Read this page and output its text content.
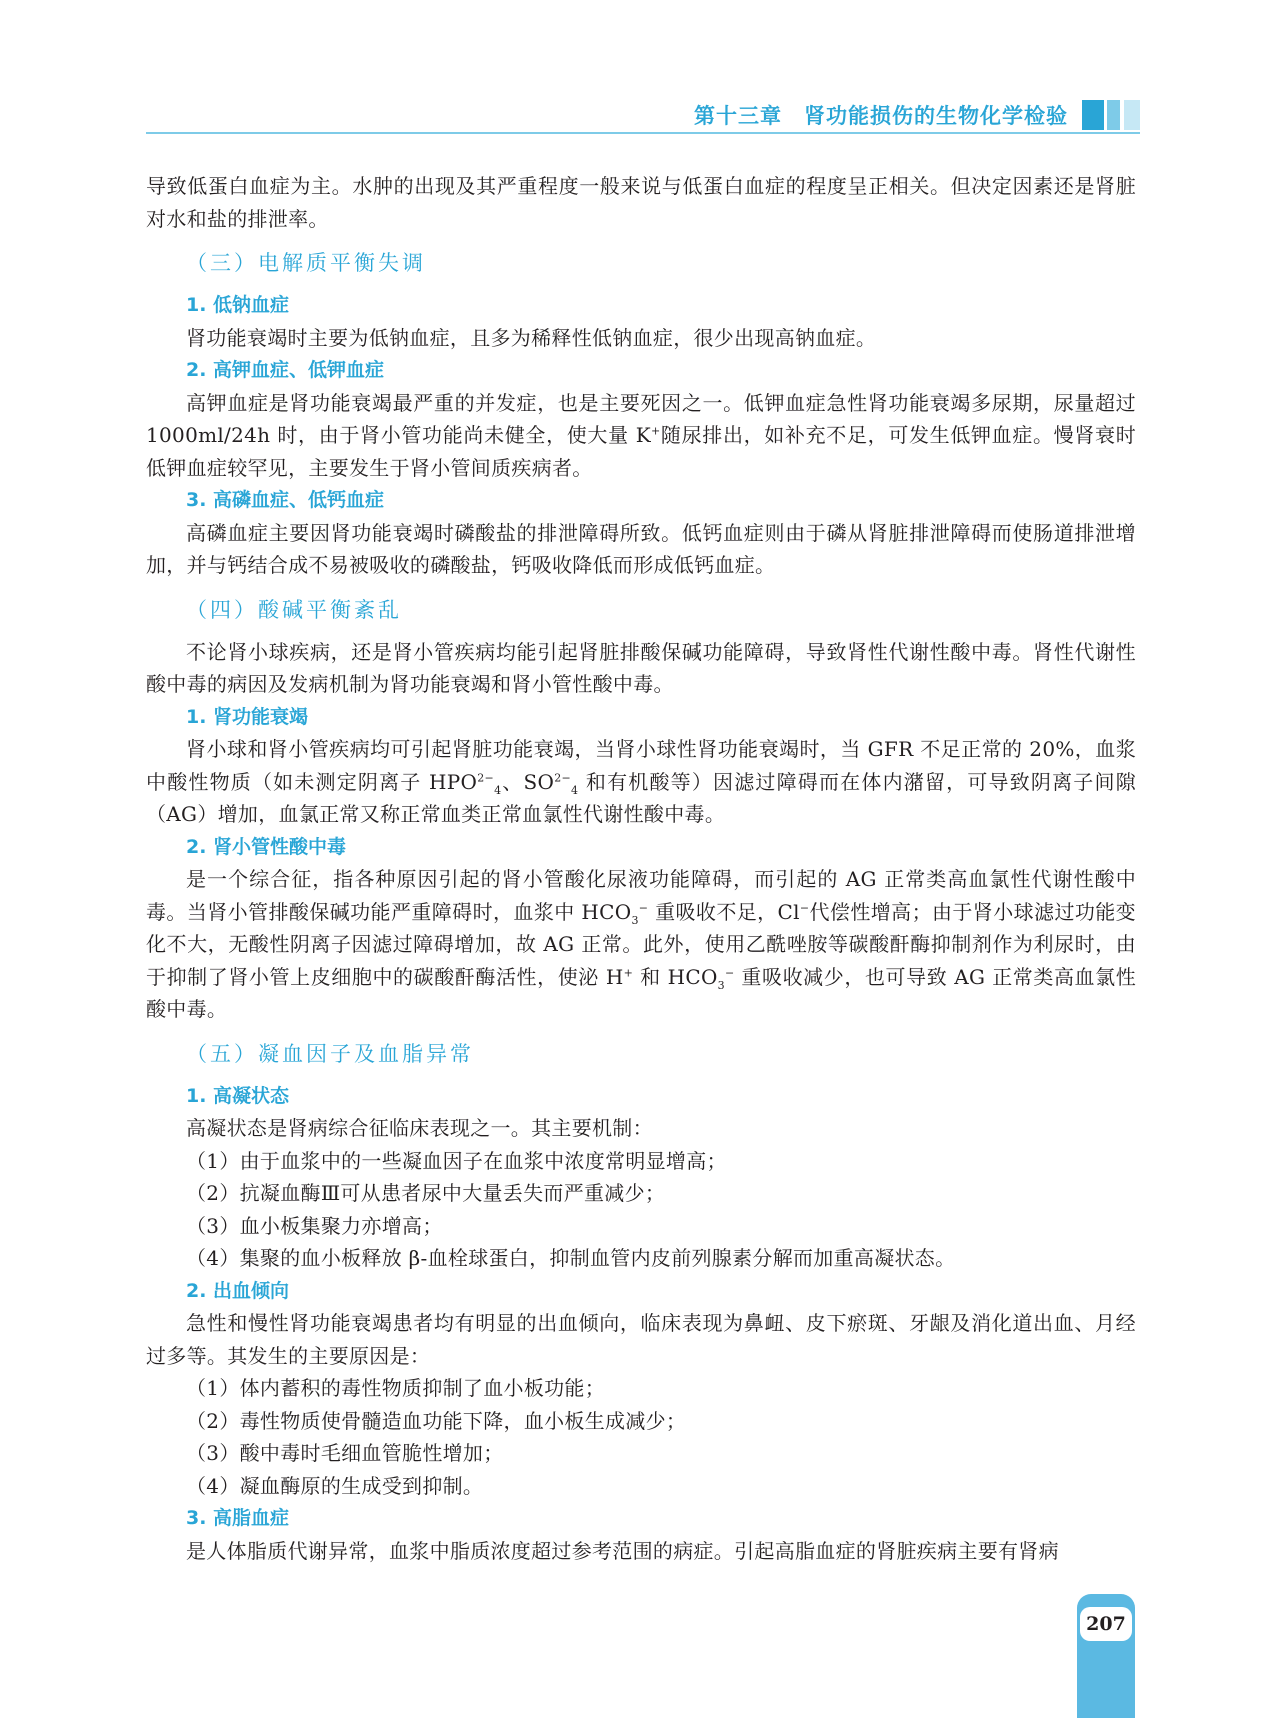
第十三章　肾功能损伤的生物化学检验

导致低蛋白血症为主。水肿的出现及其严重程度一般来说与低蛋白血症的程度呈正相关。但决定因素还是肾脏对水和盐的排泄率。

（三）电解质平衡失调
1. 低钠血症

肾功能衰竭时主要为低钠血症，且多为稀释性低钠血症，很少出现高钠血症。

2. 高钾血症、低钾血症

高钾血症是肾功能衰竭最严重的并发症，也是主要死因之一。低钾血症急性肾功能衰竭多尿期，尿量超过 1000ml/24h 时，由于肾小管功能尚未健全，使大量 K+随尿排出，如补充不足，可发生低钾血症。慢肾衰时低钾血症较罕见，主要发生于肾小管间质疾病者。

3. 高磷血症、低钙血症

高磷血症主要因肾功能衰竭时磷酸盐的排泄障碍所致。低钙血症则由于磷从肾脏排泄障碍而使肠道排泄增加，并与钙结合成不易被吸收的磷酸盐，钙吸收降低而形成低钙血症。

（四）酸碱平衡紊乱

不论肾小球疾病，还是肾小管疾病均能引起肾脏排酸保碱功能障碍，导致肾性代谢性酸中毒。肾性代谢性酸中毒的病因及发病机制为肾功能衰竭和肾小管性酸中毒。

1. 肾功能衰竭

肾小球和肾小管疾病均可引起肾脏功能衰竭，当肾小球性肾功能衰竭时，当 GFR 不足正常的 20%，血浆中酸性物质（如未测定阴离子 $HPO^{2-}_4$、$SO^{2-}_4$ 和有机酸等）因滤过障碍而在体内潴留，可导致阴离子间隙（AG）增加，血氯正常又称正常血类正常血氯性代谢性酸中毒。

2. 肾小管性酸中毒

是一个综合征，指各种原因引起的肾小管酸化尿液功能障碍，而引起的 AG 正常类高血氯性代谢性酸中毒。当肾小管排酸保碱功能严重障碍时，血浆中 $HCO_3^-$ 重吸收不足，Cl−代偿性增高；由于肾小球滤过功能变化不大，无酸性阴离子因滤过障碍增加，故 AG 正常。此外，使用乙酰唑胺等碳酸酐酶抑制剂作为利尿时，由于抑制了肾小管上皮细胞中的碳酸酐酶活性，使泌 H+ 和 $HCO_3^-$ 重吸收减少，也可导致 AG 正常类高血氯性酸中毒。

（五）凝血因子及血脂异常
1. 高凝状态

高凝状态是肾病综合征临床表现之一。其主要机制：

（1）由于血浆中的一些凝血因子在血浆中浓度常明显增高；

（2）抗凝血酶Ⅲ可从患者尿中大量丢失而严重减少；

（3）血小板集聚力亦增高；

（4）集聚的血小板释放 β-血栓球蛋白，抑制血管内皮前列腺素分解而加重高凝状态。

2. 出血倾向

急性和慢性肾功能衰竭患者均有明显的出血倾向，临床表现为鼻衄、皮下瘀斑、牙龈及消化道出血、月经过多等。其发生的主要原因是：

（1）体内蓄积的毒性物质抑制了血小板功能；

（2）毒性物质使骨髓造血功能下降，血小板生成减少；

（3）酸中毒时毛细血管脆性增加；

（4）凝血酶原的生成受到抑制。

3. 高脂血症

是人体脂质代谢异常，血浆中脂质浓度超过参考范围的病症。引起高脂血症的肾脏疾病主要有肾病

207
